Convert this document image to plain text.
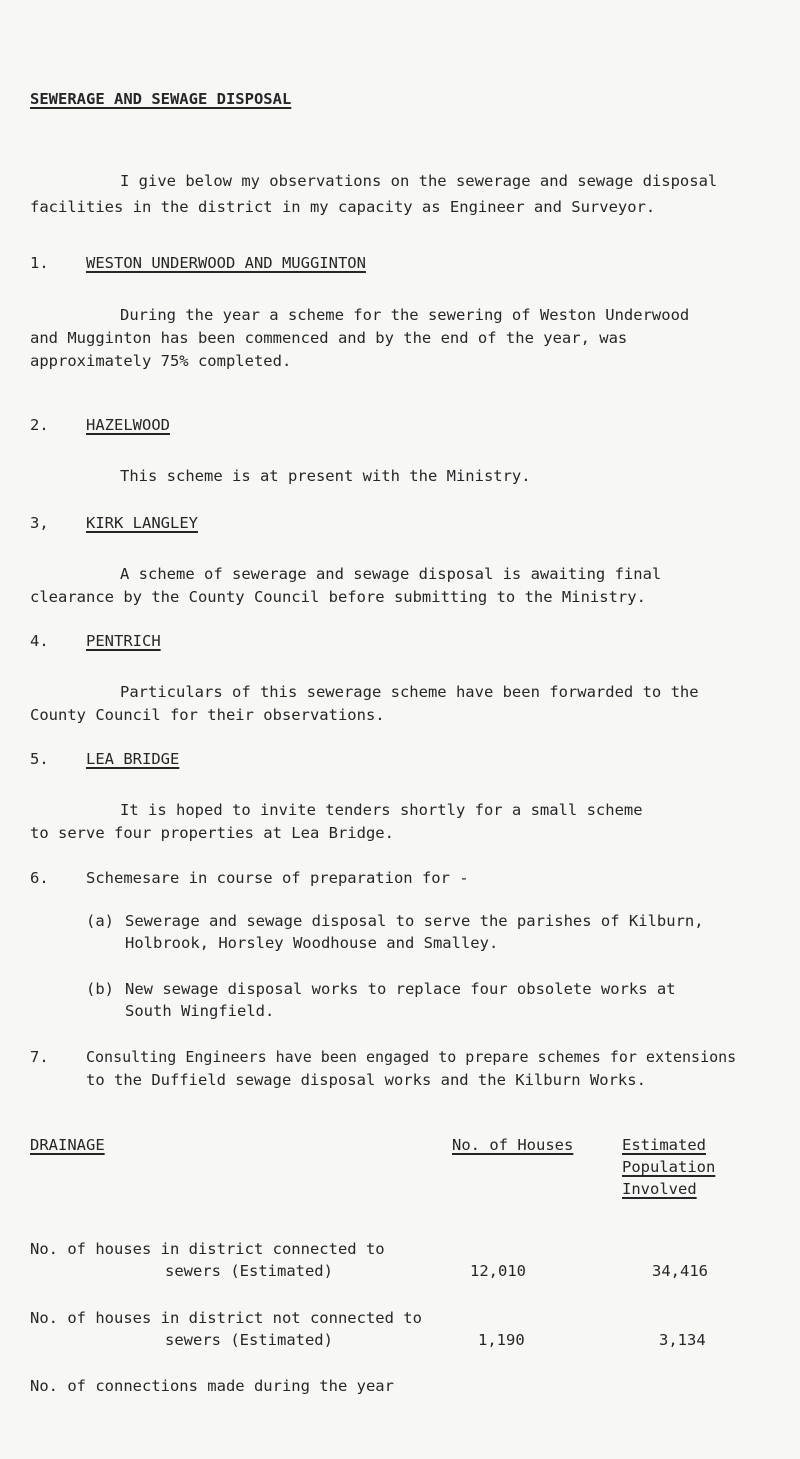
SEWERAGE AND SEWAGE DISPOSAL
I give below my observations on the sewerage and sewage disposal
facilities in the district in my capacity as Engineer and Surveyor.
1. WESTON UNDERWOOD AND MUGGINTON
During the year a scheme for the sewering of Weston Underwood
and Mugginton has been commenced and by the end of the year, was
approximately 75% completed.
2. HAZELWOOD
This scheme is at present with the Ministry.
3, KIRK LANGLEY
A scheme of sewerage and sewage disposal is awaiting final
clearance by the County Council before submitting to the Ministry.
4. PENTRICH
Particulars of this sewerage scheme have been forwarded to the
County Council for their observations.
5. LEA BRIDGE
It is hoped to invite tenders shortly for a small scheme
to serve four properties at Lea Bridge.
6. Schemesare in course of preparation for -
(a) Sewerage and sewage disposal to serve the parishes of Kilburn,
Holbrook, Horsley Woodhouse and Smalley.
(b) New sewage disposal works to replace four obsolete works at
South Wingfield.
7. Consulting Engineers have been engaged to prepare schemes for extensions
to the Duffield sewage disposal works and the Kilburn Works.
DRAINAGE	No. of Houses	Estimated
Population
Involved
No. of houses in district connected to
sewers (Estimated)	12,010	34,416
No. of houses in district not connected to
sewers (Estimated)	1,190	3,134
No. of connections made during the year
